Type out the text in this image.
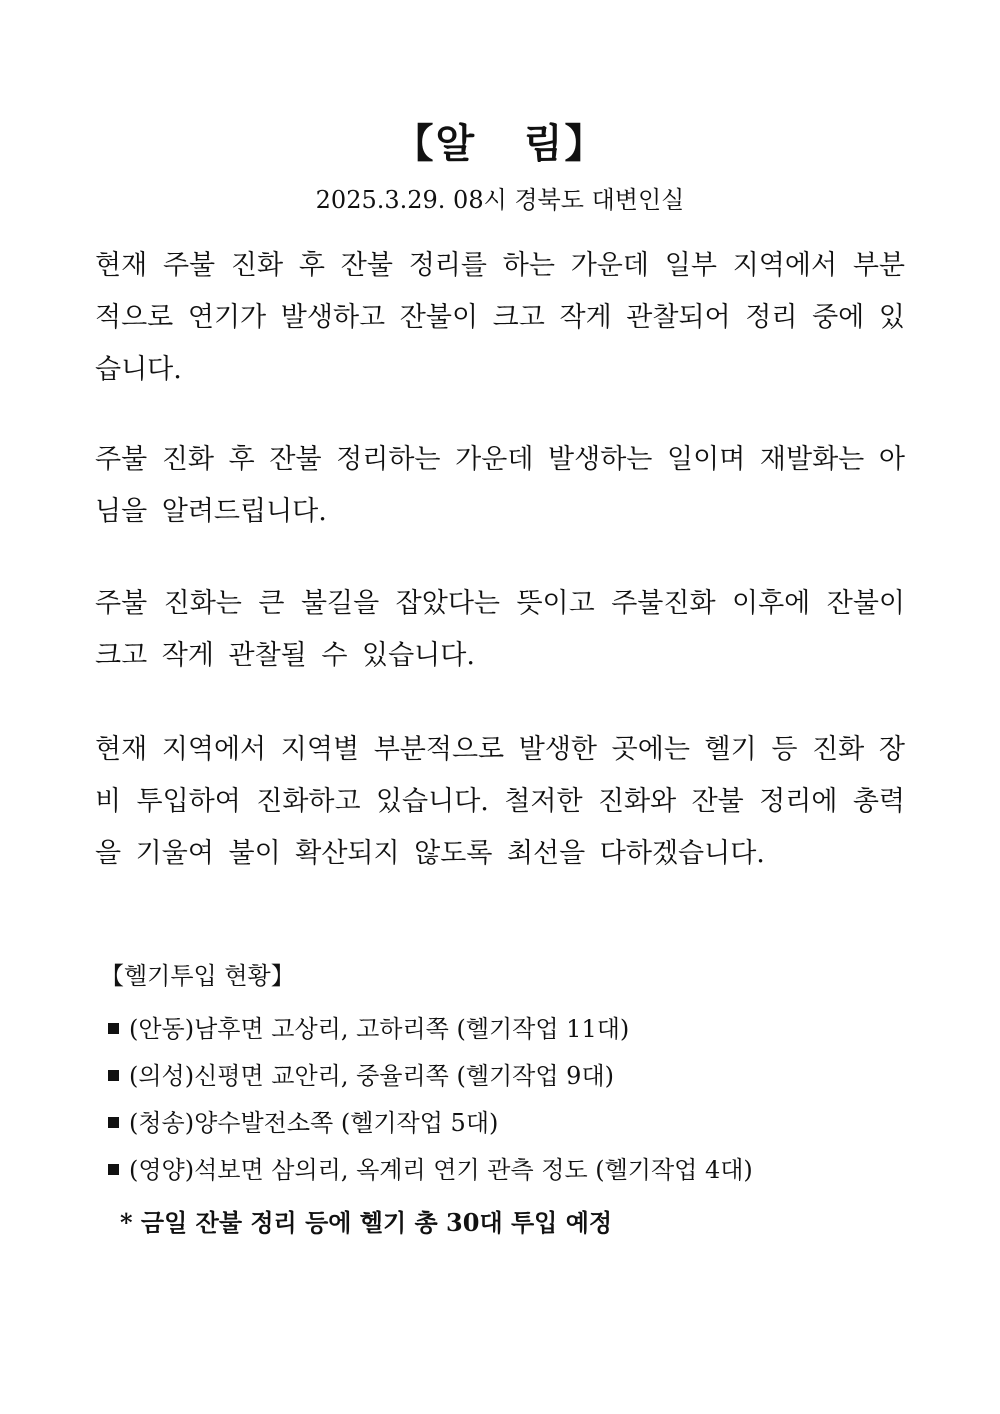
【알   림】
2025.3.29. 08시 경북도 대변인실
현재 주불 진화 후 잔불 정리를 하는 가운데 일부 지역에서 부분적으로 연기가 발생하고 잔불이 크고 작게 관찰되어 정리 중에 있습니다.
주불 진화 후 잔불 정리하는 가운데 발생하는 일이며 재발화는 아님을 알려드립니다.
주불 진화는 큰 불길을 잡았다는 뜻이고 주불진화 이후에 잔불이 크고 작게 관찰될 수 있습니다.
현재 지역에서 지역별 부분적으로 발생한 곳에는 헬기 등 진화 장비 투입하여 진화하고 있습니다. 철저한 진화와 잔불 정리에 총력을 기울여 불이 확산되지 않도록 최선을 다하겠습니다.
【헬기투입 현황】
(안동)남후면 고상리, 고하리쪽 (헬기작업 11대)
(의성)신평면 교안리, 중율리쪽 (헬기작업 9대)
(청송)양수발전소쪽 (헬기작업 5대)
(영양)석보면 삼의리, 옥계리 연기 관측 정도 (헬기작업 4대)
* 금일 잔불 정리 등에 헬기 총 30대 투입 예정
